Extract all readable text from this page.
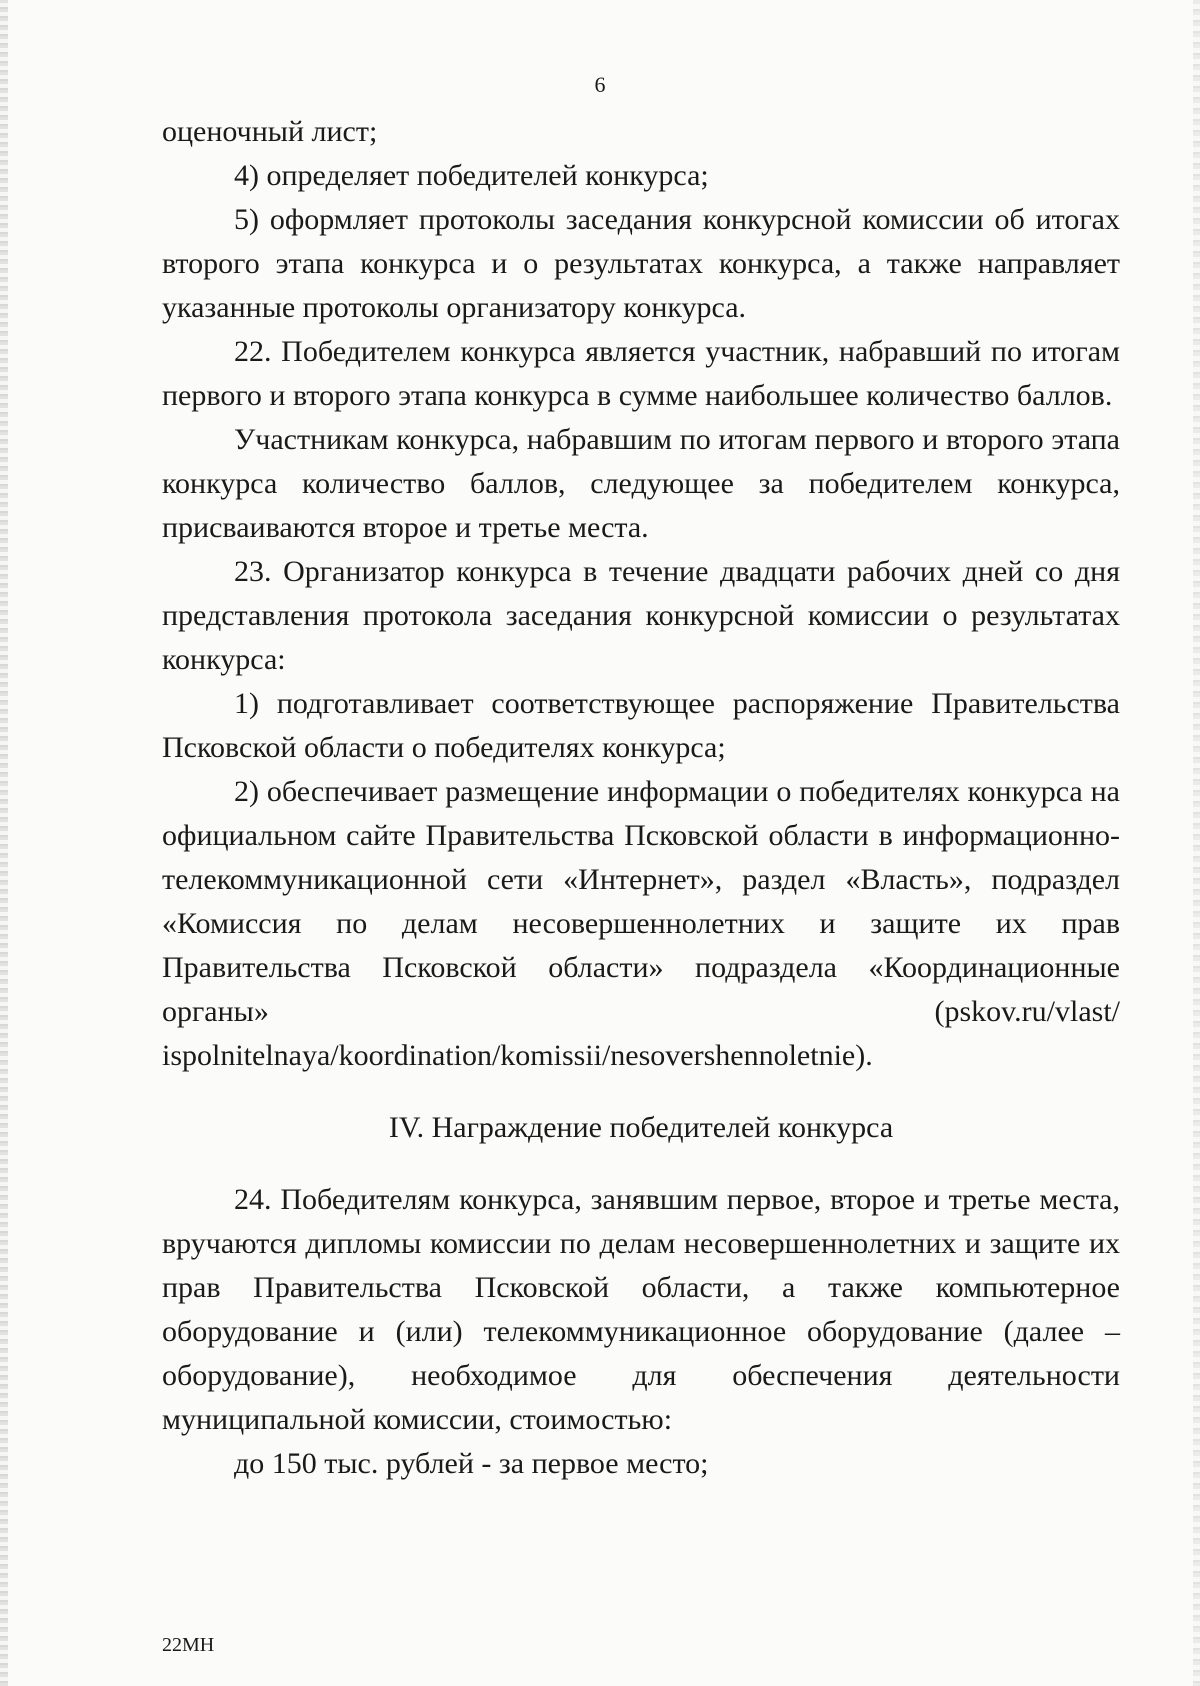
6

оценочный лист;

4) определяет победителей конкурса;

5) оформляет протоколы заседания конкурсной комиссии об итогах второго этапа конкурса и о результатах конкурса, а также направляет указанные протоколы организатору конкурса.

22. Победителем конкурса является участник, набравший по итогам первого и второго этапа конкурса в сумме наибольшее количество баллов.

Участникам конкурса, набравшим по итогам первого и второго этапа конкурса количество баллов, следующее за победителем конкурса, присваиваются второе и третье места.

23. Организатор конкурса в течение двадцати рабочих дней со дня представления протокола заседания конкурсной комиссии о результатах конкурса:

1) подготавливает соответствующее распоряжение Правительства Псковской области о победителях конкурса;

2) обеспечивает размещение информации о победителях конкурса на официальном сайте Правительства Псковской области в информационно-телекоммуникационной сети «Интернет», раздел «Власть», подраздел «Комиссия по делам несовершеннолетних и защите их прав Правительства Псковской области» подраздела «Координационные органы» (pskov.ru/vlast/ ispolnitelnaya/koordination/komissii/nesovershennoletnie).

IV. Награждение победителей конкурса

24. Победителям конкурса, занявшим первое, второе и третье места, вручаются дипломы комиссии по делам несовершеннолетних и защите их прав Правительства Псковской области, а также компьютерное оборудование и (или) телекоммуникационное оборудование (далее – оборудование), необходимое для обеспечения деятельности муниципальной комиссии, стоимостью:

до 150 тыс. рублей - за первое место;

22МН
